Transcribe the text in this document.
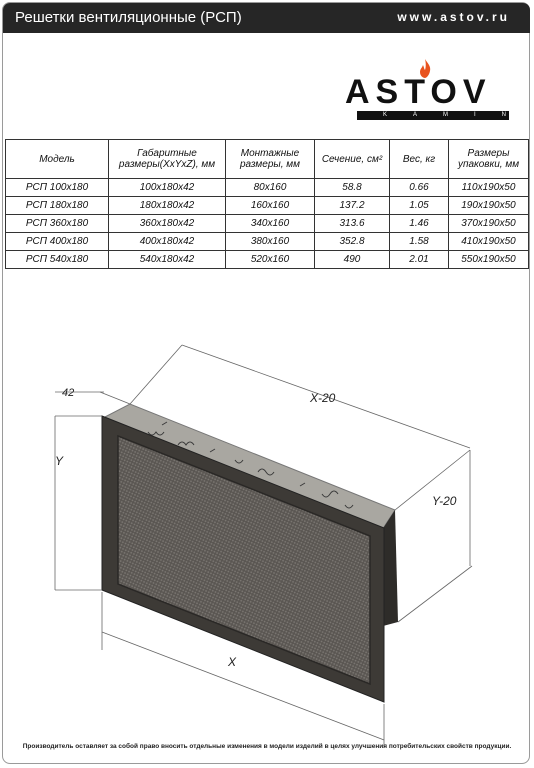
Решетки вентиляционные (РСП)	www.astov.ru
ASTOV
KAMIN
Модель	Габаритные размеры(XxYxZ), мм	Монтажные размеры, мм	Сечение, см²	Вес, кг	Размеры упаковки, мм
РСП 100x180	100x180x42	80x160	58.8	0.66	110x190x50
РСП 180x180	180x180x42	160x160	137.2	1.05	190x190x50
РСП 360x180	360x180x42	340x160	313.6	1.46	370x190x50
РСП 400x180	400x180x42	380x160	352.8	1.58	410x190x50
РСП 540x180	540x180x42	520x160	490	2.01	550x190x50
X-20
Y-20
42
Y
X
Производитель оставляет за собой право вносить отдельные изменения в модели изделий в целях улучшения потребительских свойств продукции.
